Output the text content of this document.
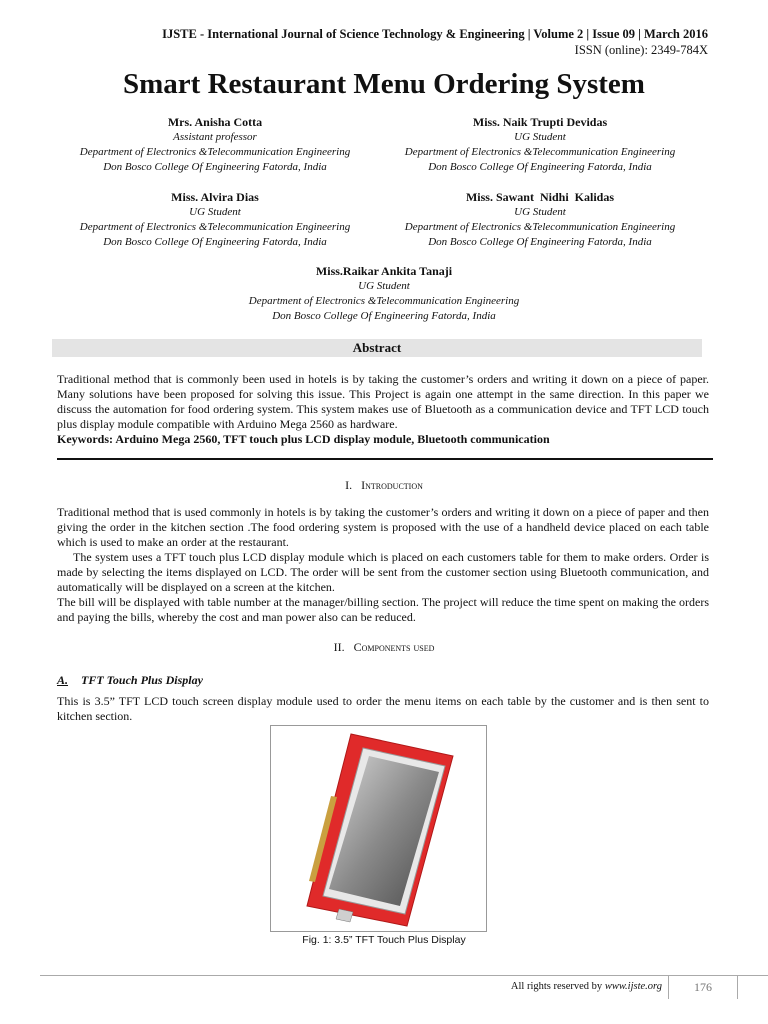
IJSTE - International Journal of Science Technology & Engineering | Volume 2 | Issue 09 | March 2016
ISSN (online): 2349-784X
Smart Restaurant Menu Ordering System
Mrs. Anisha Cotta
Assistant professor
Department of Electronics &Telecommunication Engineering
Don Bosco College Of Engineering Fatorda, India
Miss. Naik Trupti Devidas
UG Student
Department of Electronics &Telecommunication Engineering
Don Bosco College Of Engineering Fatorda, India
Miss. Alvira Dias
UG Student
Department of Electronics &Telecommunication Engineering
Don Bosco College Of Engineering Fatorda, India
Miss. Sawant  Nidhi  Kalidas
UG Student
Department of Electronics &Telecommunication Engineering
Don Bosco College Of Engineering Fatorda, India
Miss.Raikar Ankita Tanaji
UG Student
Department of Electronics &Telecommunication Engineering
Don Bosco College Of Engineering Fatorda, India
Abstract

Traditional method that is commonly been used in hotels is by taking the customer’s orders and writing it down on a piece of paper. Many solutions have been proposed for solving this issue. This Project is again one attempt in the same direction. In this paper we discuss the automation for food ordering system. This system makes use of Bluetooth as a communication device and TFT LCD touch plus display module compatible with Arduino Mega 2560 as hardware.

Keywords: Arduino Mega 2560, TFT touch plus LCD display module, Bluetooth communication
I. Introduction

Traditional method that is used commonly in hotels is by taking the customer’s orders and writing it down on a piece of paper and then giving the order in the kitchen section .The food ordering system is proposed with the use of a handheld device placed on each table which is used to make an order at the restaurant.

The system uses a TFT touch plus LCD display module which is placed on each customers table for them to make orders. Order is made by selecting the items displayed on LCD. The order will be sent from the customer section using Bluetooth communication, and automatically will be displayed on a screen at the kitchen.

The bill will be displayed with table number at the manager/billing section. The project will reduce the time spent on making the orders and paying the bills, whereby the cost and man power also can be reduced.

II. Components used
A. TFT Touch Plus Display

This is 3.5” TFT LCD touch screen display module used to order the menu items on each table by the customer and is then sent to kitchen section.

Fig. 1: 3.5” TFT Touch Plus Display
All rights reserved by www.ijste.org	176
